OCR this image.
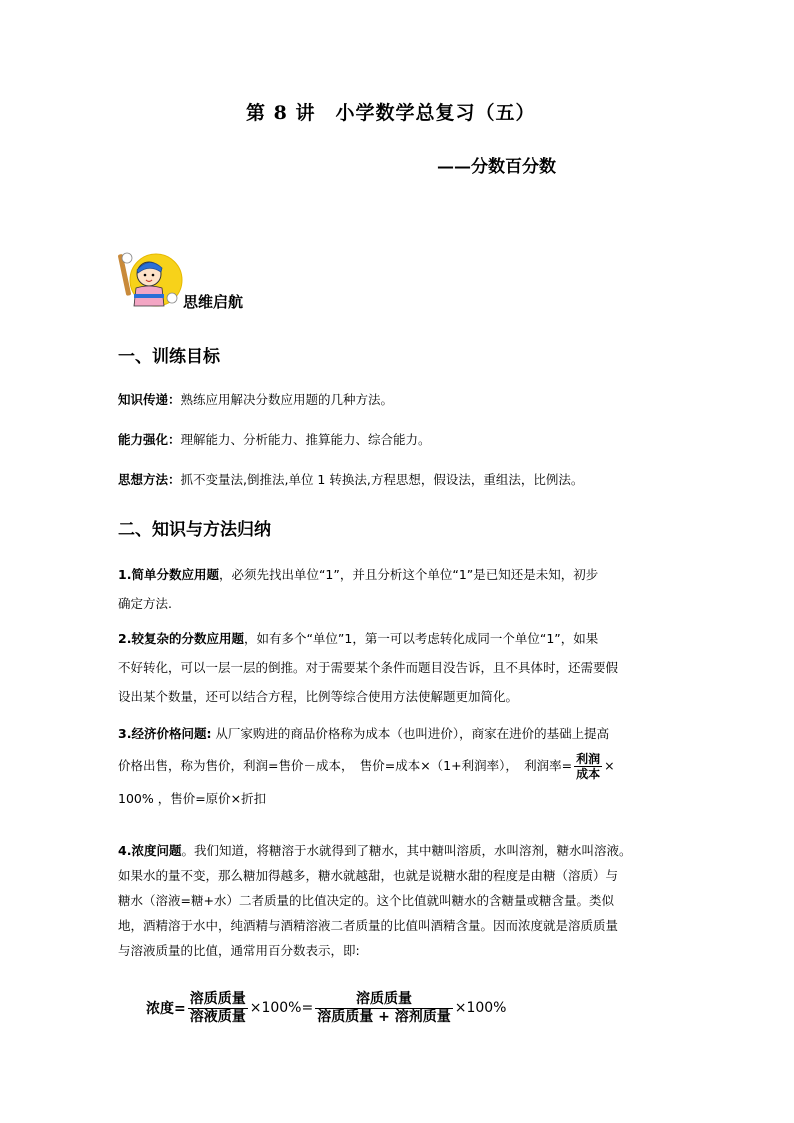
第 8 讲　小学数学总复习（五）
——分数百分数
思维启航
一、训练目标
知识传递：熟练应用解决分数应用题的几种方法。
能力强化：理解能力、分析能力、推算能力、综合能力。
思想方法：抓不变量法,倒推法,单位 1 转换法,方程思想，假设法，重组法，比例法。
二、知识与方法归纳
1.简单分数应用题，必须先找出单位“1”，并且分析这个单位“1”是已知还是未知，初步
确定方法.
2.较复杂的分数应用题，如有多个“单位”1，第一可以考虑转化成同一个单位“1”，如果
不好转化，可以一层一层的倒推。对于需要某个条件而题目没告诉，且不具体时，还需要假
设出某个数量，还可以结合方程，比例等综合使用方法使解题更加简化。
3.经济价格问题: 从厂家购进的商品价格称为成本（也叫进价），商家在进价的基础上提高
价格出售，称为售价，利润=售价－成本，　售价=成本×（1+利润率），　利润率= $\frac{\text{利润}}{\text{成本}}$ ×
100% ，售价=原价×折扣
4.浓度问题。我们知道，将糖溶于水就得到了糖水，其中糖叫溶质，水叫溶剂，糖水叫溶液。
如果水的量不变，那么糖加得越多，糖水就越甜，也就是说糖水甜的程度是由糖（溶质）与
糖水（溶液=糖+水）二者质量的比值决定的。这个比值就叫糖水的含糖量或糖含量。类似
地，酒精溶于水中，纯酒精与酒精溶液二者质量的比值叫酒精含量。因而浓度就是溶质质量
与溶液质量的比值，通常用百分数表示，即:
浓度= $\frac{\text{溶质质量}}{\text{溶液质量}} \times 100\%= \frac{\text{溶质质量}}{\text{溶质质量 + 溶剂质量}} \times 100\%$
